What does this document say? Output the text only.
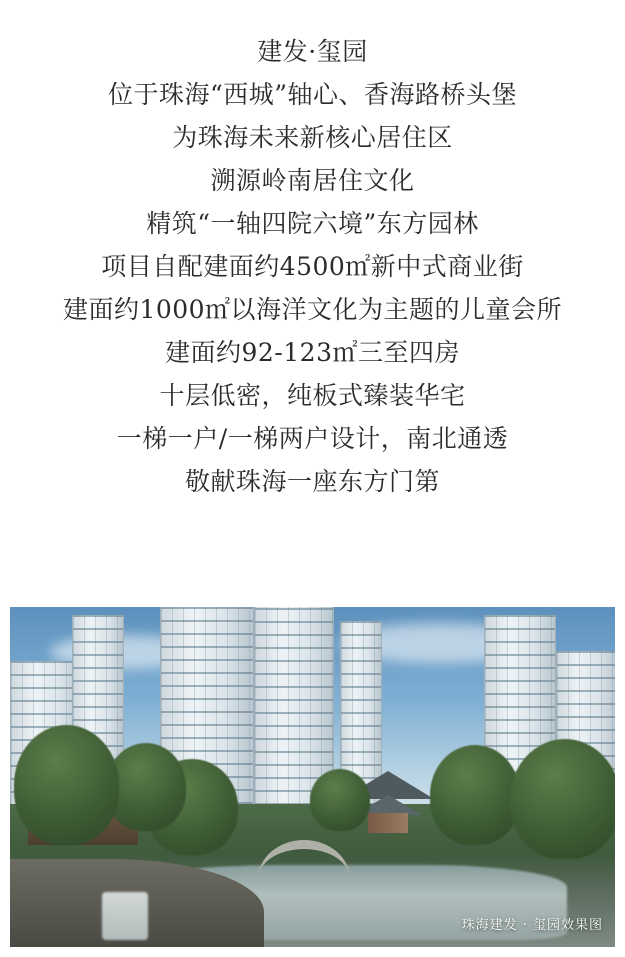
建发·玺园
位于珠海“西城”轴心、香海路桥头堡
为珠海未来新核心居住区
溯源岭南居住文化
精筑“一轴四院六境”东方园林
项目自配建面约4500㎡新中式商业街
建面约1000㎡以海洋文化为主题的儿童会所
建面约92-123㎡三至四房
十层低密，纯板式臻装华宅
一梯一户/一梯两户设计，南北通透
敬献珠海一座东方门第
珠海建发 · 玺园效果图
